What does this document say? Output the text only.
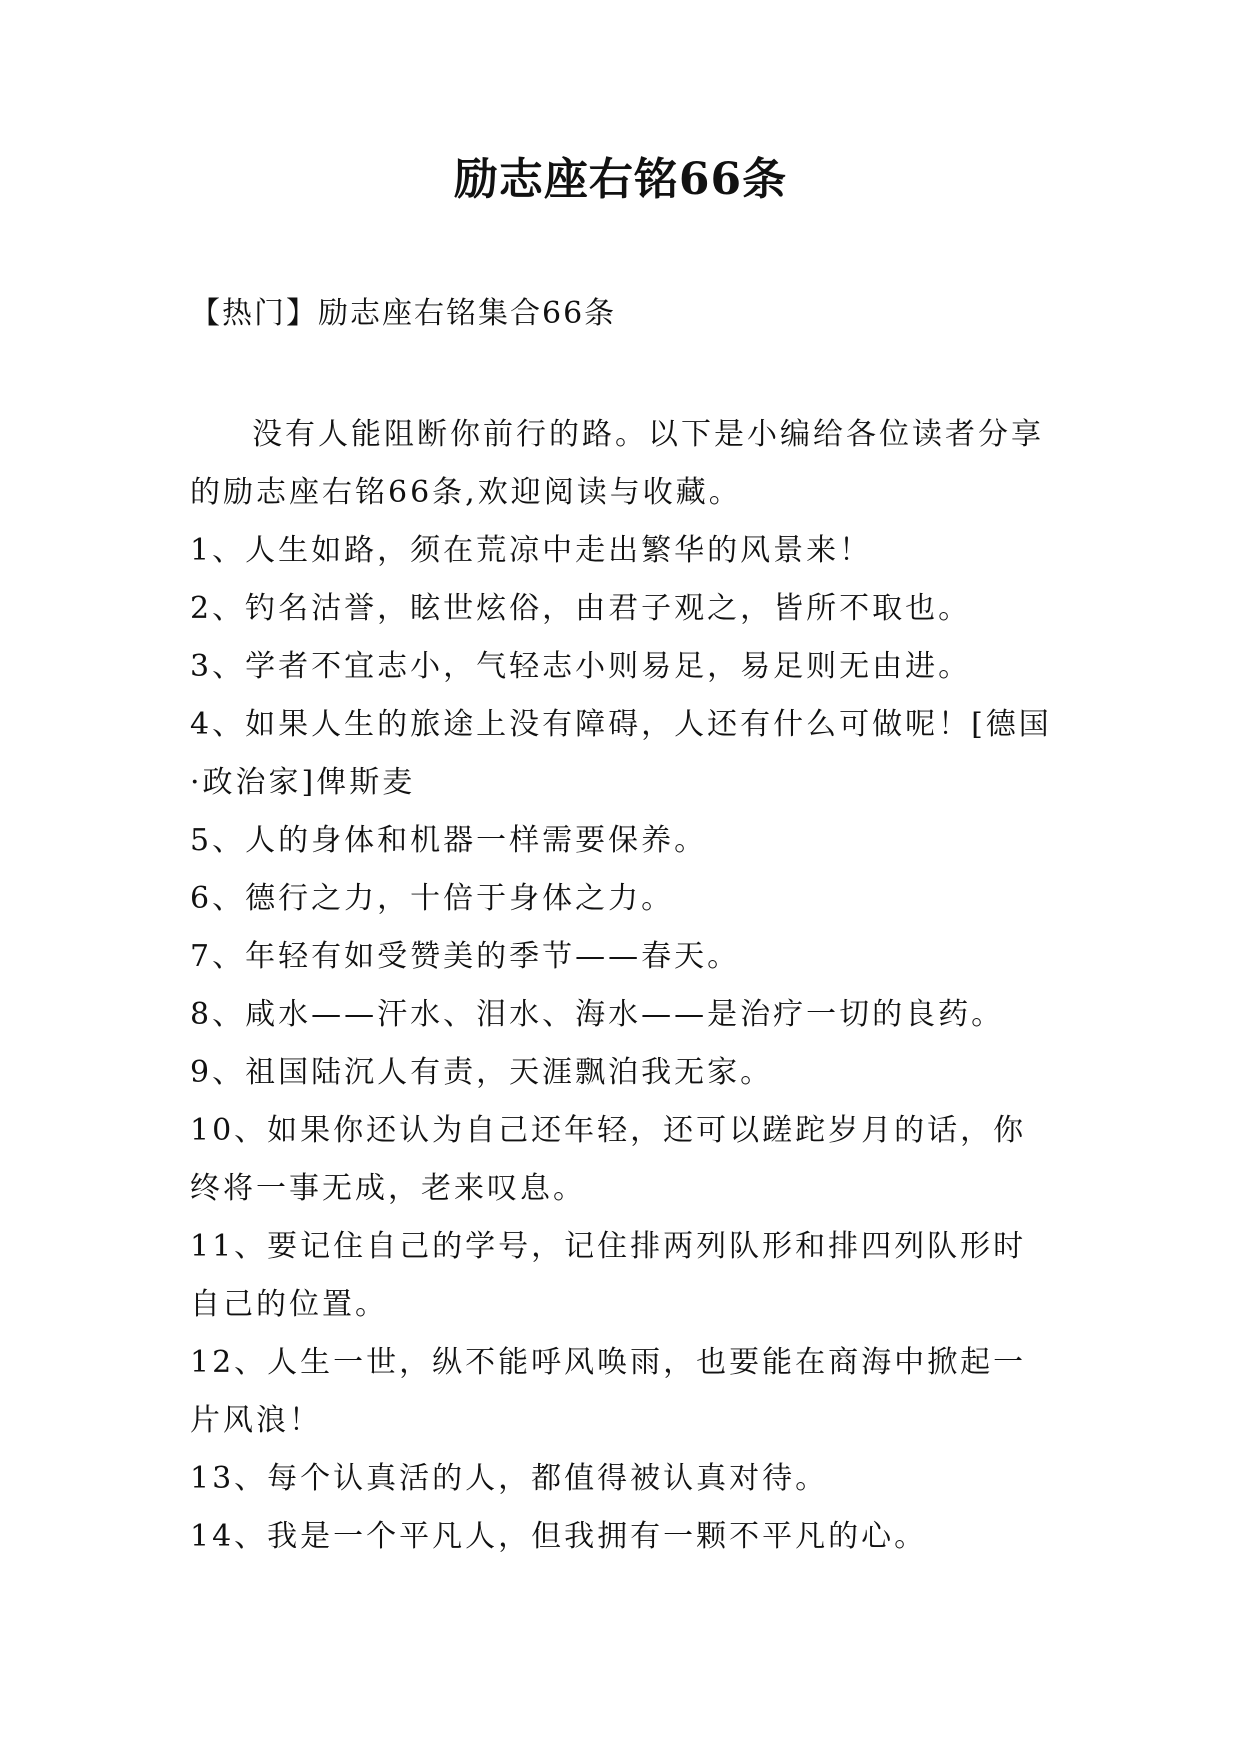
励志座右铭66条
【热门】励志座右铭集合66条

没有人能阻断你前行的路。以下是小编给各位读者分享的励志座右铭66条,欢迎阅读与收藏。

1、人生如路，须在荒凉中走出繁华的风景来！

2、钓名沽誉，眩世炫俗，由君子观之，皆所不取也。

3、学者不宜志小，气轻志小则易足，易足则无由进。

4、如果人生的旅途上没有障碍，人还有什么可做呢！[德国·政治家]俾斯麦

5、人的身体和机器一样需要保养。

6、德行之力，十倍于身体之力。

7、年轻有如受赞美的季节——春天。

8、咸水——汗水、泪水、海水——是治疗一切的良药。

9、祖国陆沉人有责，天涯飘泊我无家。

10、如果你还认为自己还年轻，还可以蹉跎岁月的话，你终将一事无成，老来叹息。

11、要记住自己的学号，记住排两列队形和排四列队形时自己的位置。

12、人生一世，纵不能呼风唤雨，也要能在商海中掀起一片风浪！

13、每个认真活的人，都值得被认真对待。

14、我是一个平凡人，但我拥有一颗不平凡的心。
